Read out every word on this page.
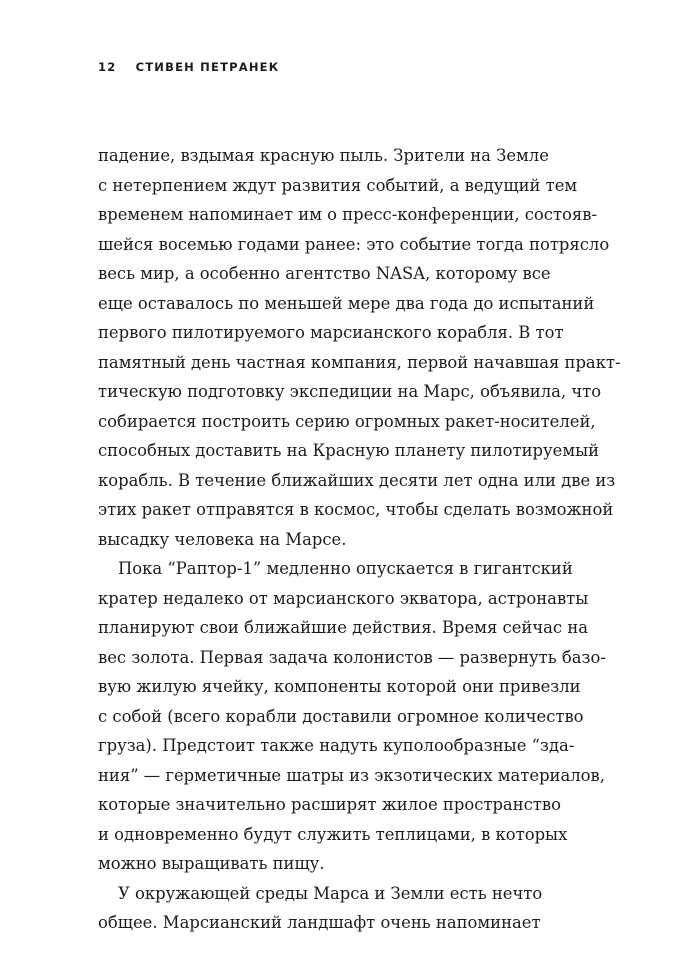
12 СТИВЕН ПЕТРАНЕК
падение, вздымая красную пыль. Зрители на Земле
с нетерпением ждут развития событий, а ведущий тем
временем напоминает им о пресс-конференции, состояв-
шейся восемью годами ранее: это событие тогда потрясло
весь мир, а особенно агентство NASA, которому все
еще оставалось по меньшей мере два года до испытаний
первого пилотируемого марсианского корабля. В тот
памятный день частная компания, первой начавшая практ-
тическую подготовку экспедиции на Марс, объявила, что
собирается построить серию огромных ракет-носителей,
способных доставить на Красную планету пилотируемый
корабль. В течение ближайших десяти лет одна или две из
этих ракет отправятся в космос, чтобы сделать возможной
высадку человека на Марсе.
Пока “Раптор-1” медленно опускается в гигантский
кратер недалеко от марсианского экватора, астронавты
планируют свои ближайшие действия. Время сейчас на
вес золота. Первая задача колонистов — развернуть базо-
вую жилую ячейку, компоненты которой они привезли
с собой (всего корабли доставили огромное количество
груза). Предстоит также надуть куполообразные “зда-
ния” — герметичные шатры из экзотических материалов,
которые значительно расширят жилое пространство
и одновременно будут служить теплицами, в которых
можно выращивать пищу.
У окружающей среды Марса и Земли есть нечто
общее. Марсианский ландшафт очень напоминает
